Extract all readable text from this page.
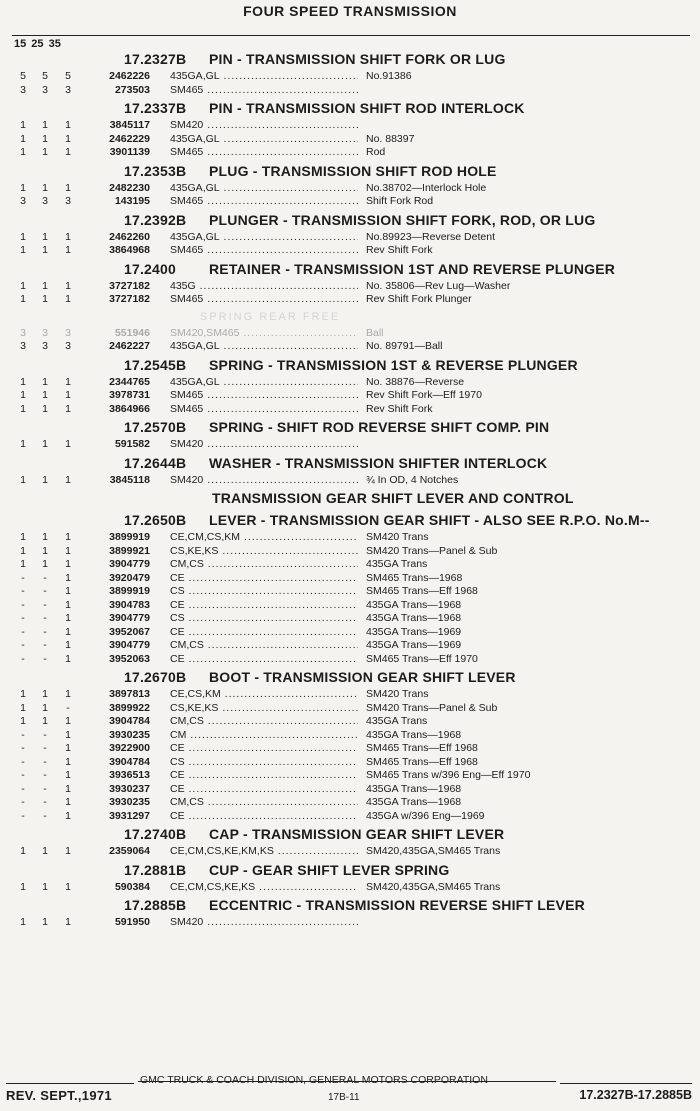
FOUR SPEED TRANSMISSION
15 25 35
17.2327B PIN - TRANSMISSION SHIFT FORK OR LUG
5 5 5	2462226 435GA,GL .....	No.91386
3 3 3	273503 SM465 .....
17.2337B PIN - TRANSMISSION SHIFT ROD INTERLOCK
1 1 1	3845117 SM420 .....
1 1 1	2462229 435GA,GL .....	No. 88397
1 1 1	3901139 SM465 .....	Rod
17.2353B PLUG - TRANSMISSION SHIFT ROD HOLE
1 1 1	2482230 435GA,GL .....	No.38702—Interlock Hole
3 3 3	143195 SM465 .....	Shift Fork Rod
17.2392B PLUNGER - TRANSMISSION SHIFT FORK, ROD, OR LUG
1 1 1	2462260 435GA,GL .....	No.89923—Reverse Detent
1 1 1	3864968 SM465 .....	Rev Shift Fork
17.2400 RETAINER - TRANSMISSION 1ST AND REVERSE PLUNGER
1 1 1	3727182 435G .....	No. 35806—Rev Lug—Washer
1 1 1	3727182 SM465 .....	Rev Shift Fork Plunger
SPRING REAR FREE
3 3 3	551946 SM420,SM465 .....	Ball
3 3 3	2462227 435GA,GL .....	No. 89791—Ball
17.2545B SPRING - TRANSMISSION 1ST & REVERSE PLUNGER
1 1 1	2344765 435GA,GL .....	No. 38876—Reverse
1 1 1	3978731 SM465 .....	Rev Shift Fork—Eff 1970
1 1 1	3864966 SM465 .....	Rev Shift Fork
17.2570B SPRING - SHIFT ROD REVERSE SHIFT COMP. PIN
1 1 1	591582 SM420 .....
17.2644B WASHER - TRANSMISSION SHIFTER INTERLOCK
1 1 1	3845118 SM420 .....	¾ In OD, 4 Notches
TRANSMISSION GEAR SHIFT LEVER AND CONTROL
17.2650B LEVER - TRANSMISSION GEAR SHIFT - ALSO SEE R.P.O. No.M--
1 1 1	3899919 CE,CM,CS,KM .....	SM420 Trans
1 1 1	3899921 CS,KE,KS .....	SM420 Trans—Panel & Sub
1 1 1	3904779 CM,CS .....	435GA Trans
-	-	1	3920479 CE .....	SM465 Trans—1968
-	-	1	3899919 CS .....	SM465 Trans—Eff 1968
-	-	1	3904783 CE .....	435GA Trans—1968
-	-	1	3904779 CS .....	435GA Trans—1968
-	-	1	3952067 CE .....	435GA Trans—1969
-	-	1	3904779 CM,CS .....	435GA Trans—1969
-	-	1	3952063 CE .....	SM465 Trans—Eff 1970
17.2670B BOOT - TRANSMISSION GEAR SHIFT LEVER
1 1 1	3897813 CE,CS,KM .....	SM420 Trans
1 1	-	3899922 CS,KE,KS .....	SM420 Trans—Panel & Sub
1 1 1	3904784 CM,CS .....	435GA Trans
-	-	1	3930235 CM .....	435GA Trans—1968
-	-	1	3922900 CE .....	SM465 Trans—Eff 1968
-	-	1	3904784 CS .....	SM465 Trans—Eff 1968
-	-	1	3936513 CE .....	SM465 Trans w/396 Eng—Eff 1970
-	-	1	3930237 CE .....	435GA Trans—1968
-	-	1	3930235 CM,CS .....	435GA Trans—1968
-	-	1	3931297 CE .....	435GA w/396 Eng—1969
17.2740B CAP - TRANSMISSION GEAR SHIFT LEVER
1 1 1	2359064 CE,CM,CS,KE,KM,KS .....	SM420,435GA,SM465 Trans
17.2881B CUP - GEAR SHIFT LEVER SPRING
1 1 1	590384 CE,CM,CS,KE,KS .....	SM420,435GA,SM465 Trans
17.2885B ECCENTRIC - TRANSMISSION REVERSE SHIFT LEVER
1 1 1	591950 SM420 .....
GMC TRUCK & COACH DIVISION, GENERAL MOTORS CORPORATION
REV. SEPT.,1971	17B-11	17.2327B-17.2885B
